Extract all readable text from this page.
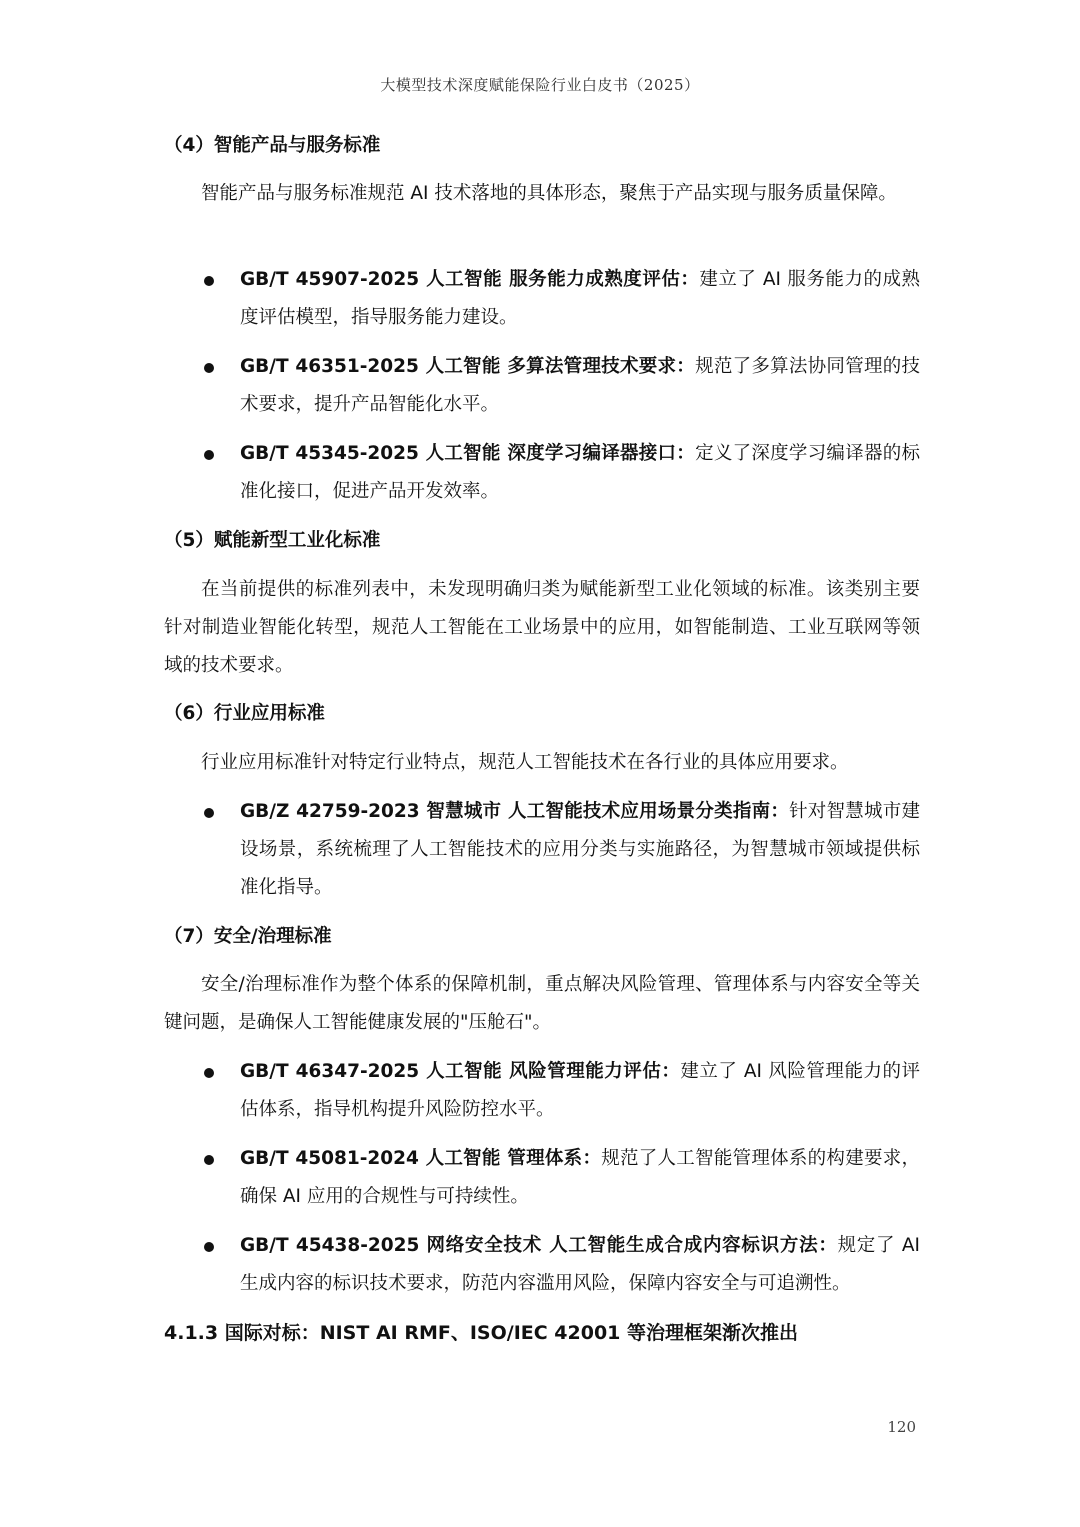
大模型技术深度赋能保险行业白皮书（2025）

（4）智能产品与服务标准

智能产品与服务标准规范 AI 技术落地的具体形态，聚焦于产品实现与服务质量保障。

GB/T 45907-2025 人工智能 服务能力成熟度评估：建立了 AI 服务能力的成熟度评估模型，指导服务能力建设。
GB/T 46351-2025 人工智能 多算法管理技术要求：规范了多算法协同管理的技术要求，提升产品智能化水平。
GB/T 45345-2025 人工智能 深度学习编译器接口：定义了深度学习编译器的标准化接口，促进产品开发效率。

（5）赋能新型工业化标准

在当前提供的标准列表中，未发现明确归类为赋能新型工业化领域的标准。该类别主要针对制造业智能化转型，规范人工智能在工业场景中的应用，如智能制造、工业互联网等领域的技术要求。

（6）行业应用标准

行业应用标准针对特定行业特点，规范人工智能技术在各行业的具体应用要求。

GB/Z 42759-2023 智慧城市 人工智能技术应用场景分类指南：针对智慧城市建设场景，系统梳理了人工智能技术的应用分类与实施路径，为智慧城市领域提供标准化指导。

（7）安全/治理标准

安全/治理标准作为整个体系的保障机制，重点解决风险管理、管理体系与内容安全等关键问题，是确保人工智能健康发展的"压舱石"。

GB/T 46347-2025 人工智能 风险管理能力评估：建立了 AI 风险管理能力的评估体系，指导机构提升风险防控水平。
GB/T 45081-2024 人工智能 管理体系：规范了人工智能管理体系的构建要求，确保 AI 应用的合规性与可持续性。
GB/T 45438-2025 网络安全技术 人工智能生成合成内容标识方法：规定了 AI 生成内容的标识技术要求，防范内容滥用风险，保障内容安全与可追溯性。
4.1.3 国际对标：NIST AI RMF、ISO/IEC 42001 等治理框架渐次推出
120
